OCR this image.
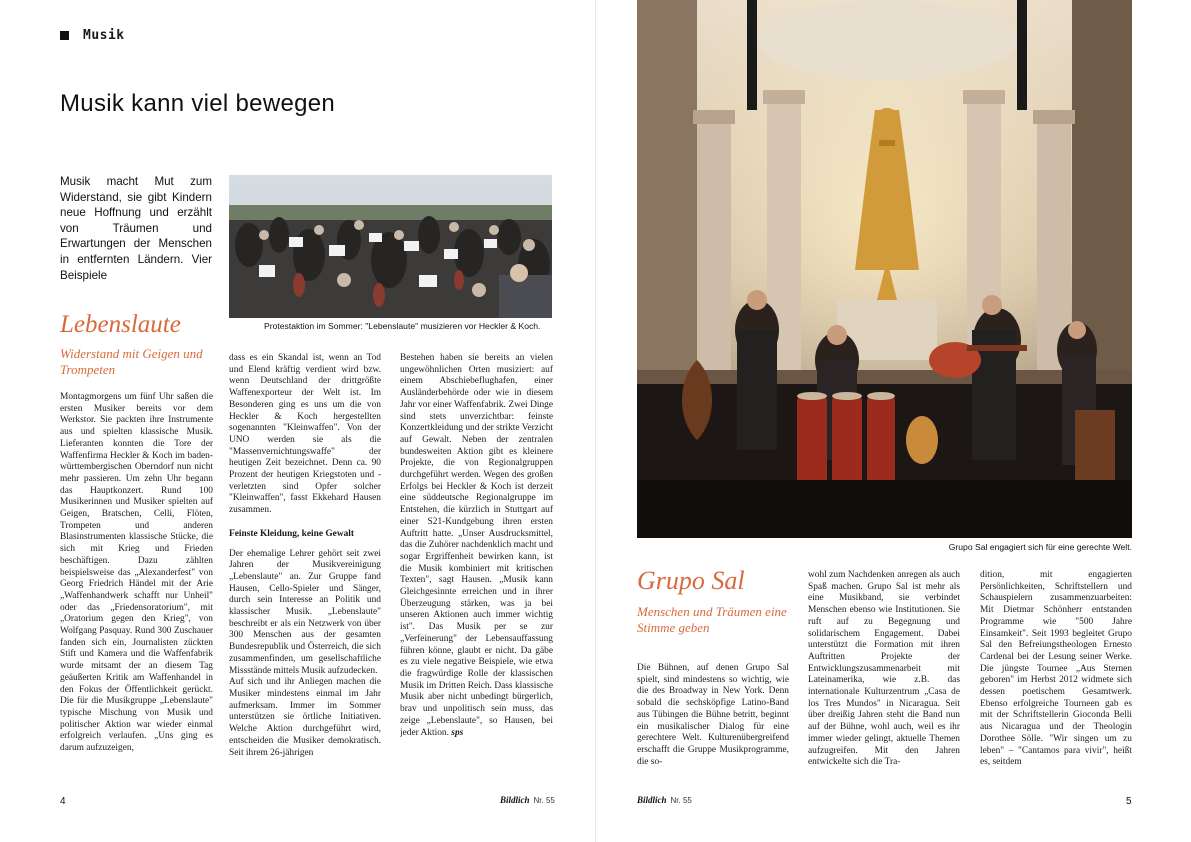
Musik
Musik kann viel bewegen

Musik macht Mut zum Widerstand, sie gibt Kindern neue Hoffnung und erzählt von Träumen und Erwartungen der Menschen in entfernten Ländern. Vier Beispiele

Protestaktion im Sommer: "Lebenslaute" musizieren vor Heckler & Koch.

Lebenslaute
Widerstand mit Geigen und Trompeten

Montagmorgens um fünf Uhr saßen die ersten Musiker bereits vor dem Werkstor. Sie packten ihre Instrumente aus und spielten klassische Musik. Lieferanten konnten die Tore der Waffenfirma Heckler & Koch im baden-württembergischen Oberndorf nun nicht mehr passieren. Um zehn Uhr begann das Hauptkonzert. Rund 100 Musikerinnen und Musiker spielten auf Geigen, Bratschen, Celli, Flöten, Trompeten und anderen Blasinstrumenten klassische Stücke, die sich mit Krieg und Frieden beschäftigen. Dazu zählten beispielsweise das „Alexanderfest" von Georg Friedrich Händel mit der Arie „Waffenhandwerk schafft nur Unheil" oder das „Friedensoratorium", mit „Oratorium gegen den Krieg", von Wolfgang Pasquay. Rund 300 Zuschauer fanden sich ein, Journalisten zückten Stift und Kamera und die Waffenfabrik wurde mitsamt der an diesem Tag geäußerten Kritik am Waffenhandel in den Fokus der Öffentlichkeit gerückt. Die für die Musikgruppe „Lebenslaute" typische Mischung von Musik und politischer Aktion war wieder einmal erfolgreich verlaufen. „Uns ging es darum aufzuzeigen,

dass es ein Skandal ist, wenn an Tod und Elend kräftig verdient wird bzw. wenn Deutschland der drittgrößte Waffenexporteur der Welt ist. Im Besonderen ging es uns um die von Heckler & Koch hergestellten sogenannten "Kleinwaffen". Von der UNO werden sie als die "Massenvernichtungswaffe" der heutigen Zeit bezeichnet. Denn ca. 90 Prozent der heutigen Kriegstoten und -verletzten sind Opfer solcher "Kleinwaffen", fasst Ekkehard Hausen zusammen.

Feinste Kleidung, keine Gewalt

Der ehemalige Lehrer gehört seit zwei Jahren der Musikvereinigung „Lebenslaute" an. Zur Gruppe fand Hausen, Cello-Spieler und Sänger, durch sein Interesse an Politik und klassischer Musik. „Lebenslaute" beschreibt er als ein Netzwerk von über 300 Menschen aus der gesamten Bundesrepublik und Österreich, die sich zusammenfinden, um gesellschaftliche Missstände mittels Musik aufzudecken.

Auf sich und ihr Anliegen machen die Musiker mindestens einmal im Jahr aufmerksam. Immer im Sommer unterstützen sie örtliche Initiativen. Welche Aktion durchgeführt wird, entscheiden die Musiker demokratisch. Seit ihrem 26-jährigen

Bestehen haben sie bereits an vielen ungewöhnlichen Orten musiziert: auf einem Abschiebeflughafen, einer Ausländerbehörde oder wie in diesem Jahr vor einer Waffenfabrik. Zwei Dinge sind stets unverzichtbar: feinste Konzertkleidung und der strikte Verzicht auf Gewalt. Neben der zentralen bundesweiten Aktion gibt es kleinere Projekte, die von Regionalgruppen durchgeführt werden. Wegen des großen Erfolgs bei Heckler & Koch ist derzeit eine süddeutsche Regionalgruppe im Entstehen, die kürzlich in Stuttgart auf einer S21-Kundgebung ihren ersten Auftritt hatte. „Unser Ausdrucksmittel, das die Zuhörer nachdenklich macht und sogar Ergriffenheit bewirken kann, ist die Musik kombiniert mit kritischen Texten", sagt Hausen. „Musik kann Gleichgesinnte erreichen und in ihrer Überzeugung stärken, was ja bei unseren Aktionen auch immer wichtig ist". Das Musik per se zur „Verfeinerung" der Lebensauffassung führen könne, glaubt er nicht. Da gäbe es zu viele negative Beispiele, wie etwa die fragwürdige Rolle der klassischen Musik im Dritten Reich. Dass klassische Musik aber nicht unbedingt bürgerlich, brav und unpolitisch sein muss, das zeige „Lebenslaute", so Hausen, bei jeder Aktion. sps

4	Bildlich Nr. 55

Grupo Sal engagiert sich für eine gerechte Welt.

Grupo Sal
Menschen und Träumen eine Stimme geben

Die Bühnen, auf denen Grupo Sal spielt, sind mindestens so wichtig, wie die des Broadway in New York. Denn sobald die sechsköpfige Latino-Band aus Tübingen die Bühne betritt, beginnt ein musikalischer Dialog für eine gerechtere Welt. Kulturenübergreifend erschafft die Gruppe Musikprogramme, die so-

wohl zum Nachdenken anregen als auch Spaß machen. Grupo Sal ist mehr als eine Musikband, sie verbindet Menschen ebenso wie Institutionen. Sie ruft auf zu Begegnung und solidarischem Engagement. Dabei unterstützt die Formation mit ihren Auftritten Projekte der Entwicklungszusammenarbeit mit Lateinamerika, wie z.B. das internationale Kulturzentrum „Casa de los Tres Mundos" in Nicaragua. Seit über dreißig Jahren steht die Band nun auf der Bühne, wohl auch, weil es ihr immer wieder gelingt, aktuelle Themen aufzugreifen. Mit den Jahren entwickelte sich die Tra-

dition, mit engagierten Persönlichkeiten, Schriftstellern und Schauspielern zusammenzuarbeiten: Mit Dietmar Schönherr entstanden Programme wie "500 Jahre Einsamkeit". Seit 1993 begleitet Grupo Sal den Befreiungstheologen Ernesto Cardenal bei der Lesung seiner Werke. Die jüngste Tournee „Aus Sternen geboren" im Herbst 2012 widmete sich dessen poetischem Gesamtwerk. Ebenso erfolgreiche Tourneen gab es mit der Schriftstellerin Gioconda Belli aus Nicaragua und der Theologin Dorothee Sölle. "Wir singen um zu leben" – "Cantamos para vivir", heißt es, seitdem

Bildlich Nr. 55	5
